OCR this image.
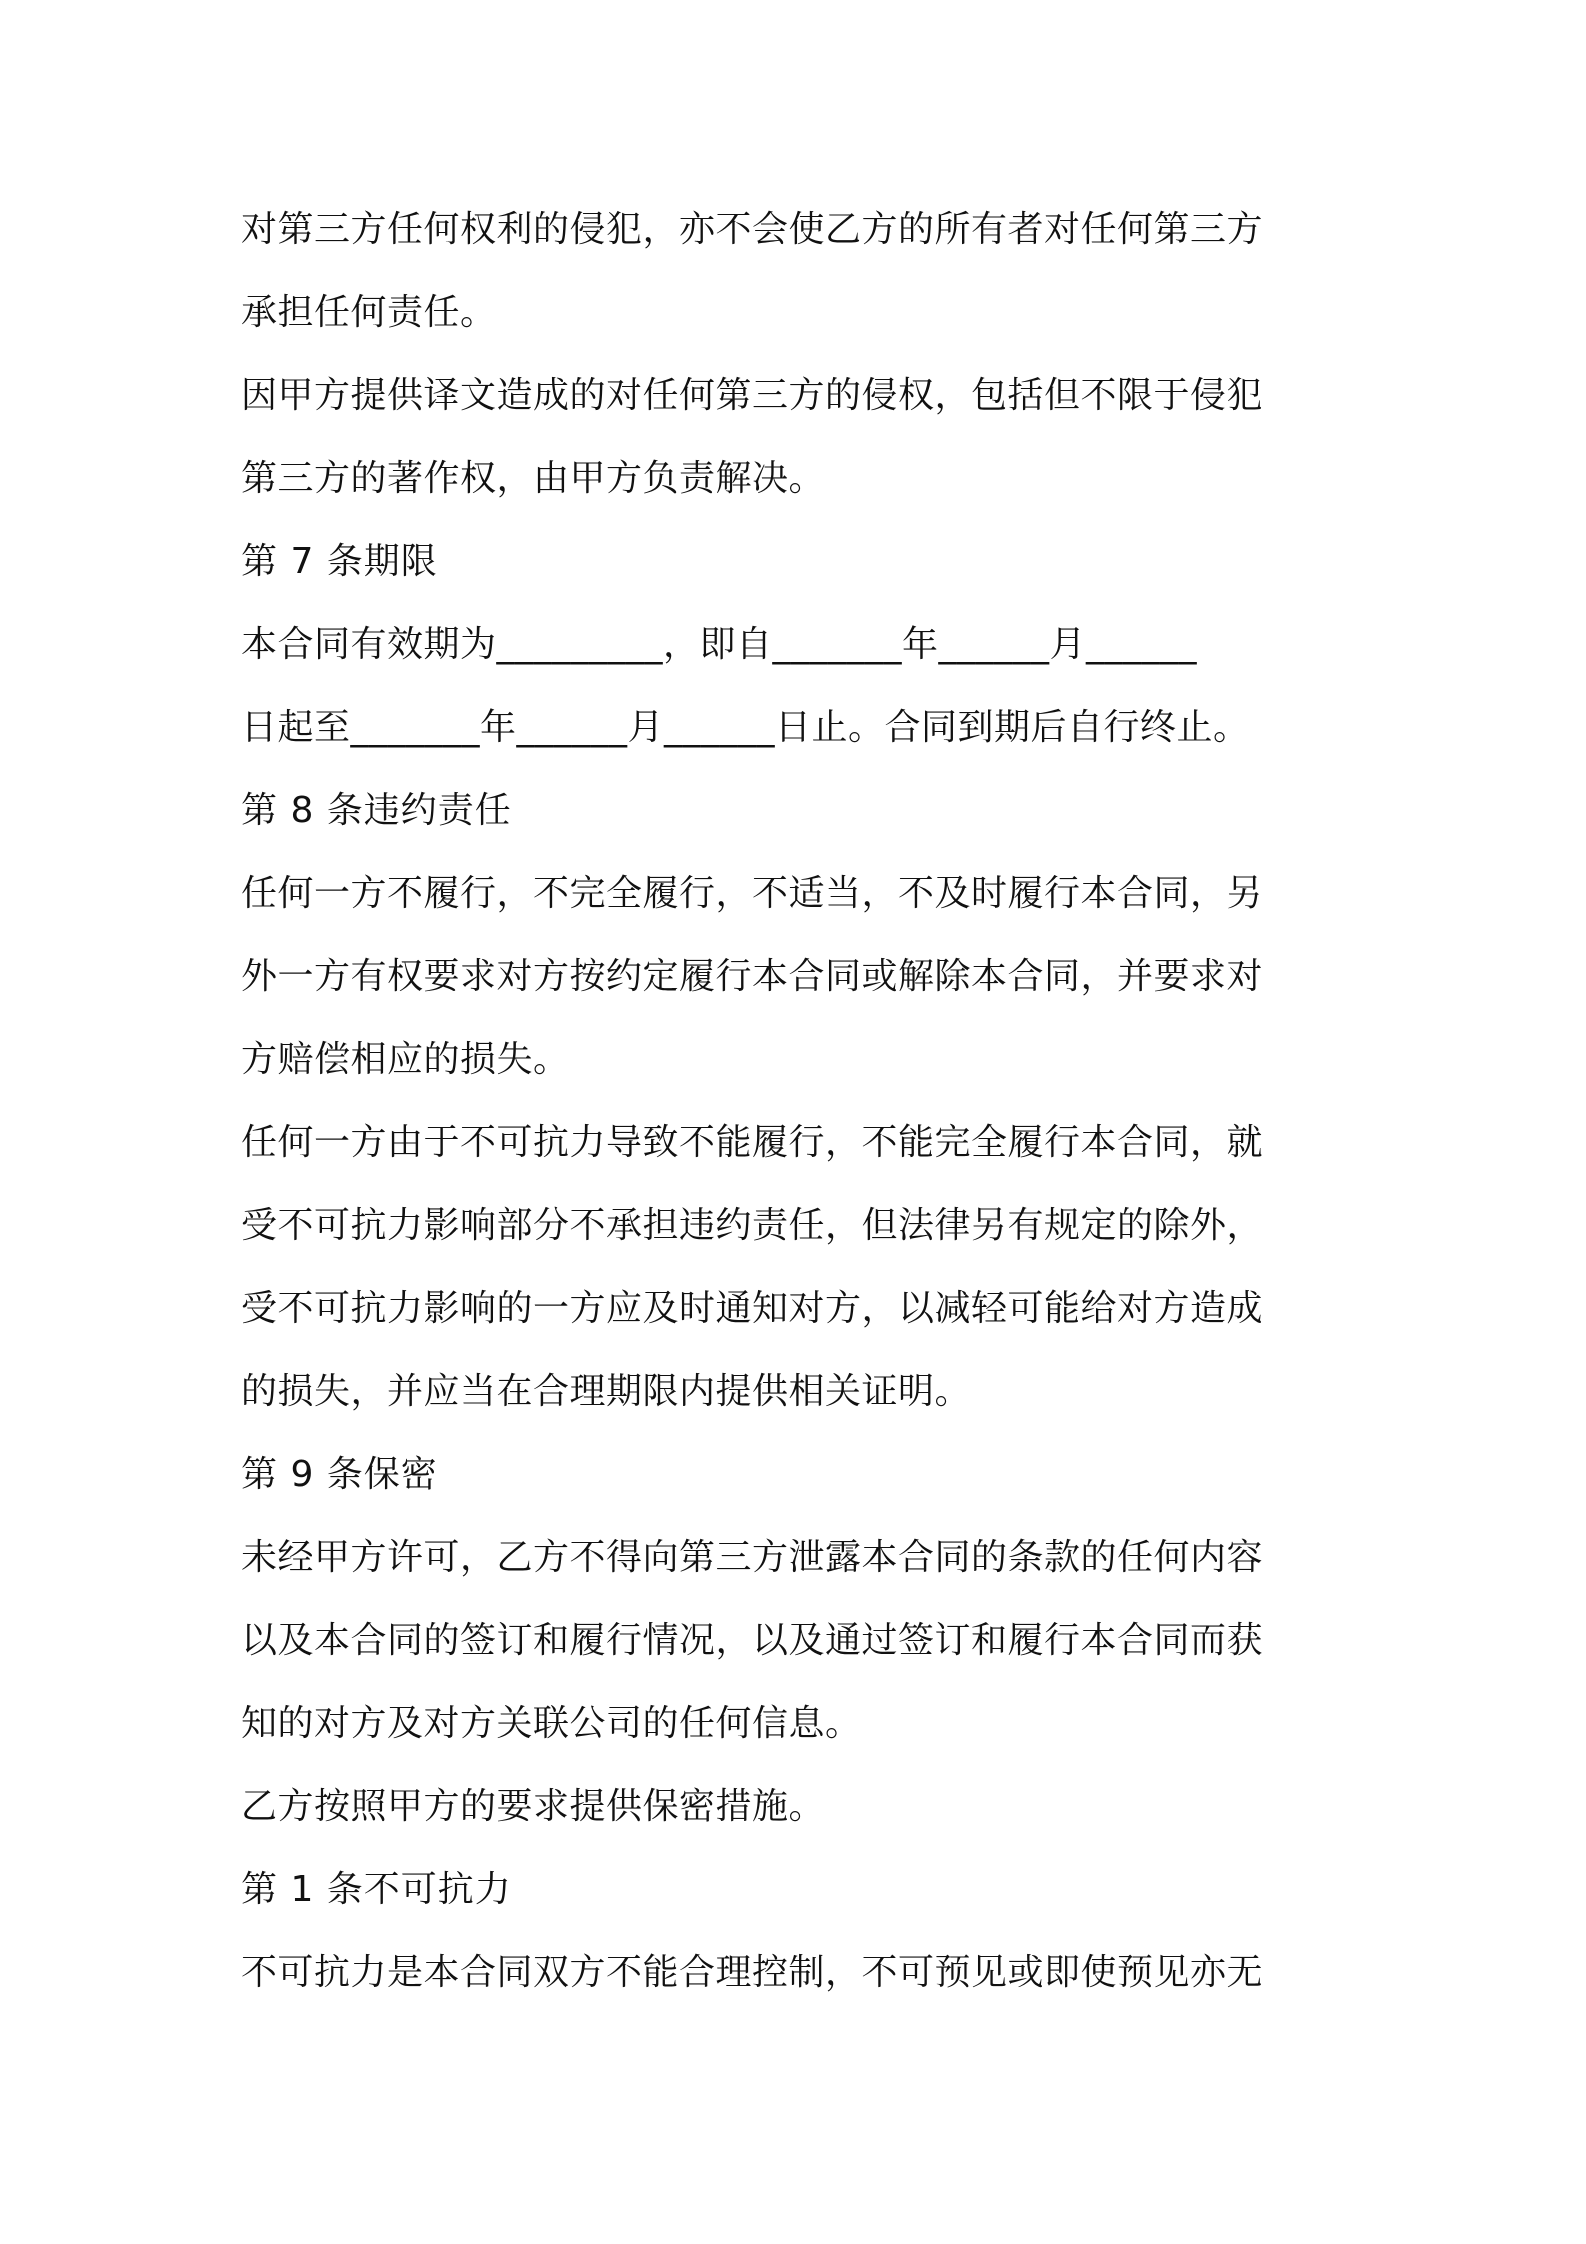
对第三方任何权利的侵犯，亦不会使乙方的所有者对任何第三方

承担任何责任。

因甲方提供译文造成的对任何第三方的侵权，包括但不限于侵犯

第三方的著作权，由甲方负责解决。

第 7 条期限

本合同有效期为_________，即自_______年______月______

日起至_______年______月______日止。合同到期后自行终止。

第 8 条违约责任

任何一方不履行，不完全履行，不适当，不及时履行本合同，另

外一方有权要求对方按约定履行本合同或解除本合同，并要求对

方赔偿相应的损失。

任何一方由于不可抗力导致不能履行，不能完全履行本合同，就

受不可抗力影响部分不承担违约责任，但法律另有规定的除外，

受不可抗力影响的一方应及时通知对方，以减轻可能给对方造成

的损失，并应当在合理期限内提供相关证明。

第 9 条保密

未经甲方许可，乙方不得向第三方泄露本合同的条款的任何内容

以及本合同的签订和履行情况，以及通过签订和履行本合同而获

知的对方及对方关联公司的任何信息。

乙方按照甲方的要求提供保密措施。

第 1 条不可抗力

不可抗力是本合同双方不能合理控制，不可预见或即使预见亦无
